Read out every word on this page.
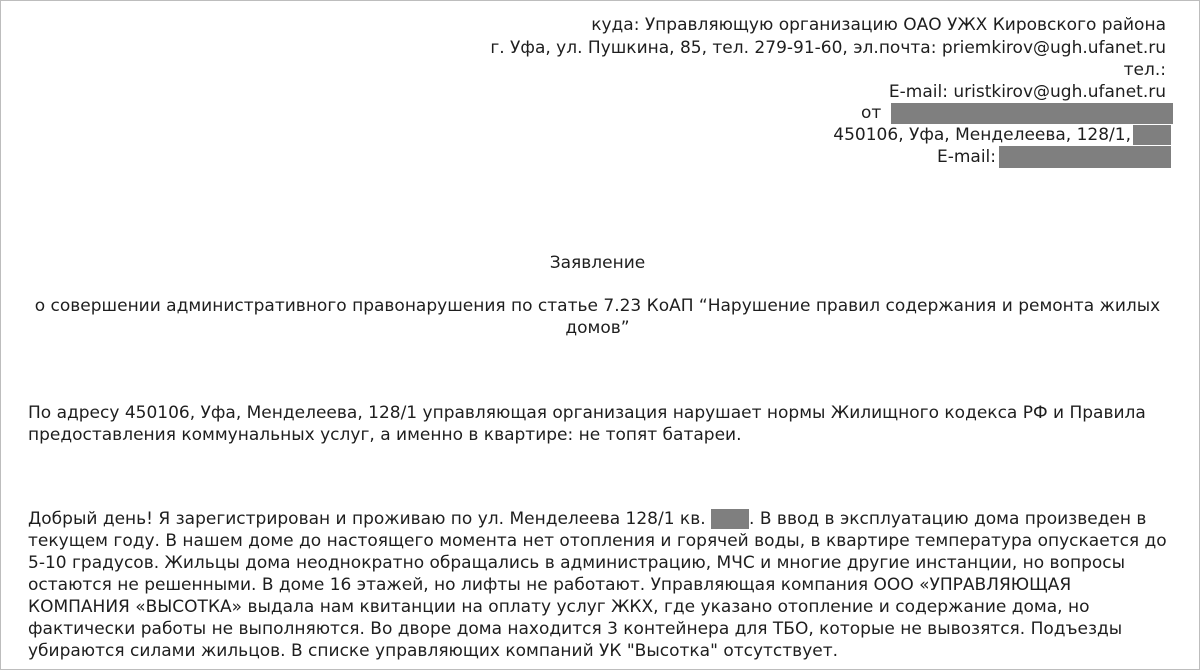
куда: Управляющую организацию ОАО УЖХ Кировского района
г. Уфа, ул. Пушкина, 85, тел. 279-91-60, эл.почта: priemkirov@ugh.ufanet.ru
тел.:
E-mail: uristkirov@ugh.ufanet.ru
от
450106, Уфа, Менделеева, 128/1,
E-mail:
Заявление
о совершении административного правонарушения по статье 7.23 КоАП “Нарушение правил содержания и ремонта жилых
домов”
По адресу 450106, Уфа, Менделеева, 128/1 управляющая организация нарушает нормы Жилищного кодекса РФ и Правила
предоставления коммунальных услуг, а именно в квартире: не топят батареи.
Добрый день! Я зарегистрирован и проживаю по ул. Менделеева 128/1 кв.	. В ввод в эксплуатацию дома произведен в
текущем году. В нашем доме до настоящего момента нет отопления и горячей воды, в квартире температура опускается до
5-10 градусов. Жильцы дома неоднократно обращались в администрацию, МЧС и многие другие инстанции, но вопросы
остаются не решенными. В доме 16 этажей, но лифты не работают. Управляющая компания ООО «УПРАВЛЯЮЩАЯ
КОМПАНИЯ «ВЫСОТКА» выдала нам квитанции на оплату услуг ЖКХ, где указано отопление и содержание дома, но
фактически работы не выполняются. Во дворе дома находится 3 контейнера для ТБО, которые не вывозятся. Подъезды
убираются силами жильцов. В списке управляющих компаний УК "Высотка" отсутствует.
